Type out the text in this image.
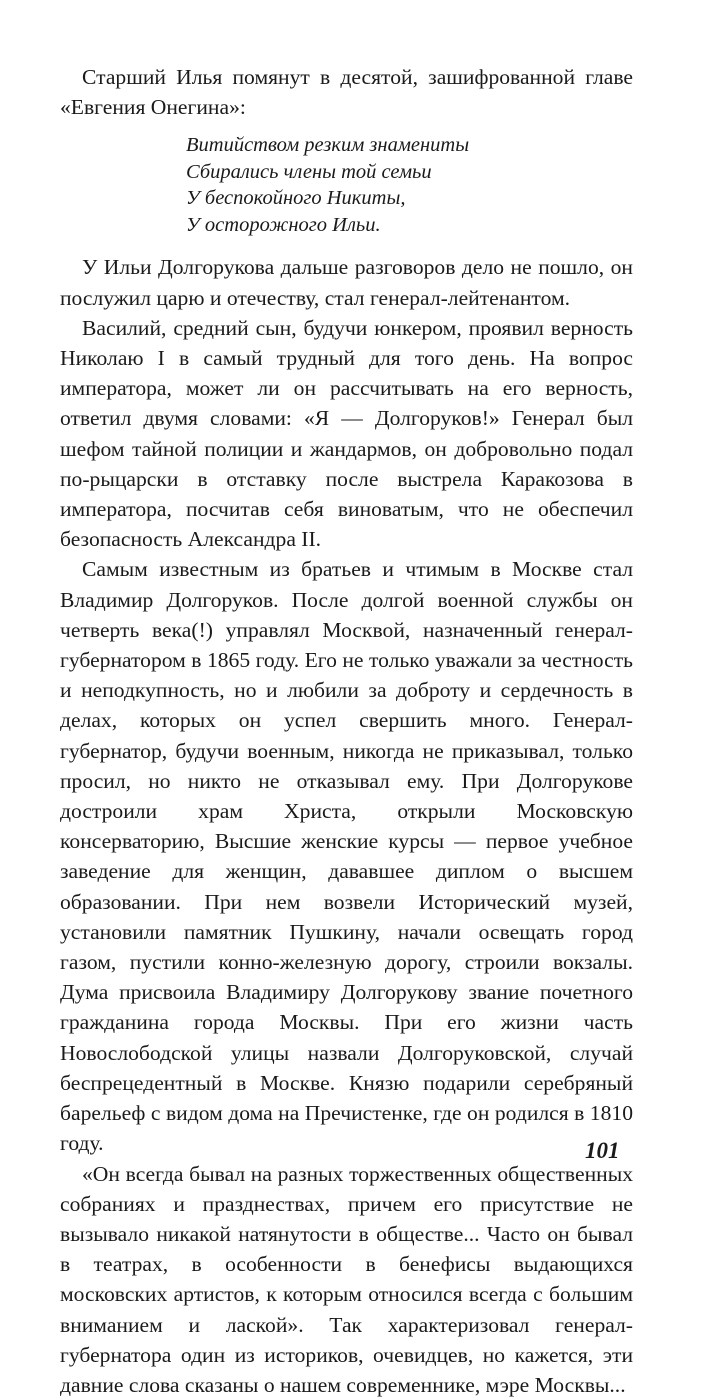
Старший Илья помянут в десятой, зашифрованной главе «Евгения Онегина»:

Витийством резким знамениты
Сбирались члены той семьи
У беспокойного Никиты,
У осторожного Ильи.

У Ильи Долгорукова дальше разговоров дело не пошло, он послужил царю и отечеству, стал генерал-лейтенантом.

Василий, средний сын, будучи юнкером, проявил верность Николаю I в самый трудный для того день. На вопрос императора, может ли он рассчитывать на его верность, ответил двумя словами: «Я — Долгоруков!» Генерал был шефом тайной полиции и жандармов, он добровольно подал по-рыцарски в отставку после выстрела Каракозова в императора, посчитав себя виноватым, что не обеспечил безопасность Александра II.

Самым известным из братьев и чтимым в Москве стал Владимир Долгоруков. После долгой военной службы он четверть века(!) управлял Москвой, назначенный генерал-губернатором в 1865 году. Его не только уважали за честность и неподкупность, но и любили за доброту и сердечность в делах, которых он успел свершить много. Генерал-губернатор, будучи военным, никогда не приказывал, только просил, но никто не отказывал ему. При Долгорукове достроили храм Христа, открыли Московскую консерваторию, Высшие женские курсы — первое учебное заведение для женщин, дававшее диплом о высшем образовании. При нем возвели Исторический музей, установили памятник Пушкину, начали освещать город газом, пустили конно-железную дорогу, строили вокзалы. Дума присвоила Владимиру Долгорукову звание почетного гражданина города Москвы. При его жизни часть Новослободской улицы назвали Долгоруковской, случай беспрецедентный в Москве. Князю подарили серебряный барельеф с видом дома на Пречистенке, где он родился в 1810 году.

«Он всегда бывал на разных торжественных общественных собраниях и празднествах, причем его присутствие не вызывало никакой натянутости в обществе... Часто он бывал в театрах, в особенности в бенефисы выдающихся московских артистов, к которым относился всегда с большим вниманием и лаской». Так характеризовал генерал-губернатора один из историков, очевидцев, но кажется, эти давние слова сказаны о нашем современнике, мэре Москвы...

101
